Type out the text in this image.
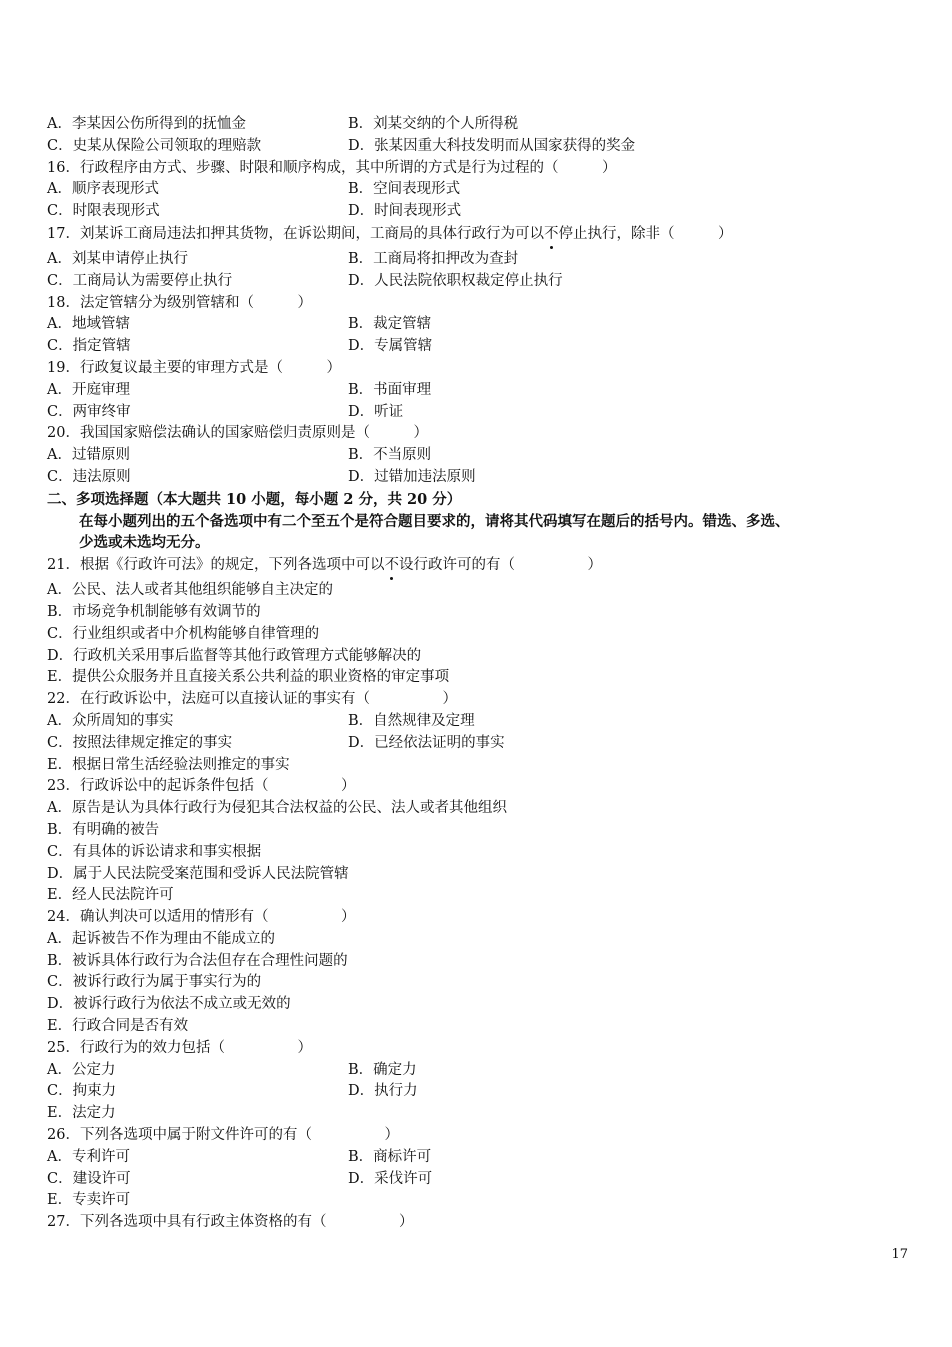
A．李某因公伤所得到的抚恤金	B．刘某交纳的个人所得税
C．史某从保险公司领取的理赔款	D．张某因重大科技发明而从国家获得的奖金
16．行政程序由方式、步骤、时限和顺序构成，其中所谓的方式是行为过程的（　　　）
A．顺序表现形式	B．空间表现形式
C．时限表现形式	D．时间表现形式
17．刘某诉工商局违法扣押其货物，在诉讼期间，工商局的具体行政行为可以不停止执行，除非（　　　）
A．刘某申请停止执行	B．工商局将扣押改为查封
C．工商局认为需要停止执行	D．人民法院依职权裁定停止执行
18．法定管辖分为级别管辖和（　　　）
A．地域管辖	B．裁定管辖
C．指定管辖	D．专属管辖
19．行政复议最主要的审理方式是（　　　）
A．开庭审理	B．书面审理
C．两审终审	D．听证
20．我国国家赔偿法确认的国家赔偿归责原则是（　　　）
A．过错原则	B．不当原则
C．违法原则	D．过错加违法原则
二、多项选择题（本大题共 10 小题，每小题 2 分，共 20 分）
在每小题列出的五个备选项中有二个至五个是符合题目要求的，请将其代码填写在题后的括号内。错选、多选、
少选或未选均无分。
21．根据《行政许可法》的规定，下列各选项中可以不设行政许可的有（　　　　　）
A．公民、法人或者其他组织能够自主决定的
B．市场竞争机制能够有效调节的
C．行业组织或者中介机构能够自律管理的
D．行政机关采用事后监督等其他行政管理方式能够解决的
E．提供公众服务并且直接关系公共利益的职业资格的审定事项
22．在行政诉讼中，法庭可以直接认证的事实有（　　　　　）
A．众所周知的事实	B．自然规律及定理
C．按照法律规定推定的事实	D．已经依法证明的事实
E．根据日常生活经验法则推定的事实
23．行政诉讼中的起诉条件包括（　　　　　）
A．原告是认为具体行政行为侵犯其合法权益的公民、法人或者其他组织
B．有明确的被告
C．有具体的诉讼请求和事实根据
D．属于人民法院受案范围和受诉人民法院管辖
E．经人民法院许可
24．确认判决可以适用的情形有（　　　　　）
A．起诉被告不作为理由不能成立的
B．被诉具体行政行为合法但存在合理性问题的
C．被诉行政行为属于事实行为的
D．被诉行政行为依法不成立或无效的
E．行政合同是否有效
25．行政行为的效力包括（　　　　　）
A．公定力	B．确定力
C．拘束力	D．执行力
E．法定力
26．下列各选项中属于附文件许可的有（　　　　　）
A．专利许可	B．商标许可
C．建设许可	D．采伐许可
E．专卖许可
27．下列各选项中具有行政主体资格的有（　　　　　）
17
